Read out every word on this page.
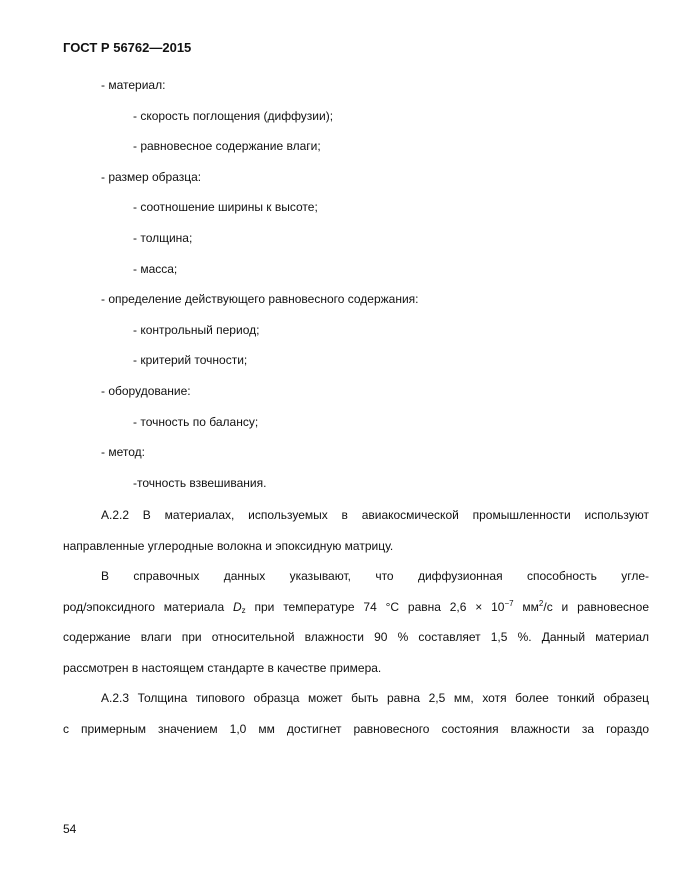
ГОСТ Р 56762—2015
- материал:
- скорость поглощения (диффузии);
- равновесное содержание влаги;
- размер образца:
- соотношение ширины к высоте;
- толщина;
- масса;
- определение действующего равновесного содержания:
- контрольный период;
- критерий точности;
- оборудование:
- точность по балансу;
- метод:
-точность взвешивания.
А.2.2 В материалах, используемых в авиакосмической промышленности используют
направленные углеродные волокна и эпоксидную матрицу.
В справочных данных указывают, что диффузионная способность угле-
род/эпоксидного материала $D_z$ при температуре 74 °C равна $2,6 \times 10^{-7}$ $мм^2/с$ и равновесное
содержание влаги при относительной влажности 90 % составляет 1,5 %. Данный материал
рассмотрен в настоящем стандарте в качестве примера.
А.2.3 Толщина типового образца может быть равна 2,5 мм, хотя более тонкий образец
с примерным значением 1,0 мм достигнет равновесного состояния влажности за гораздо
54
